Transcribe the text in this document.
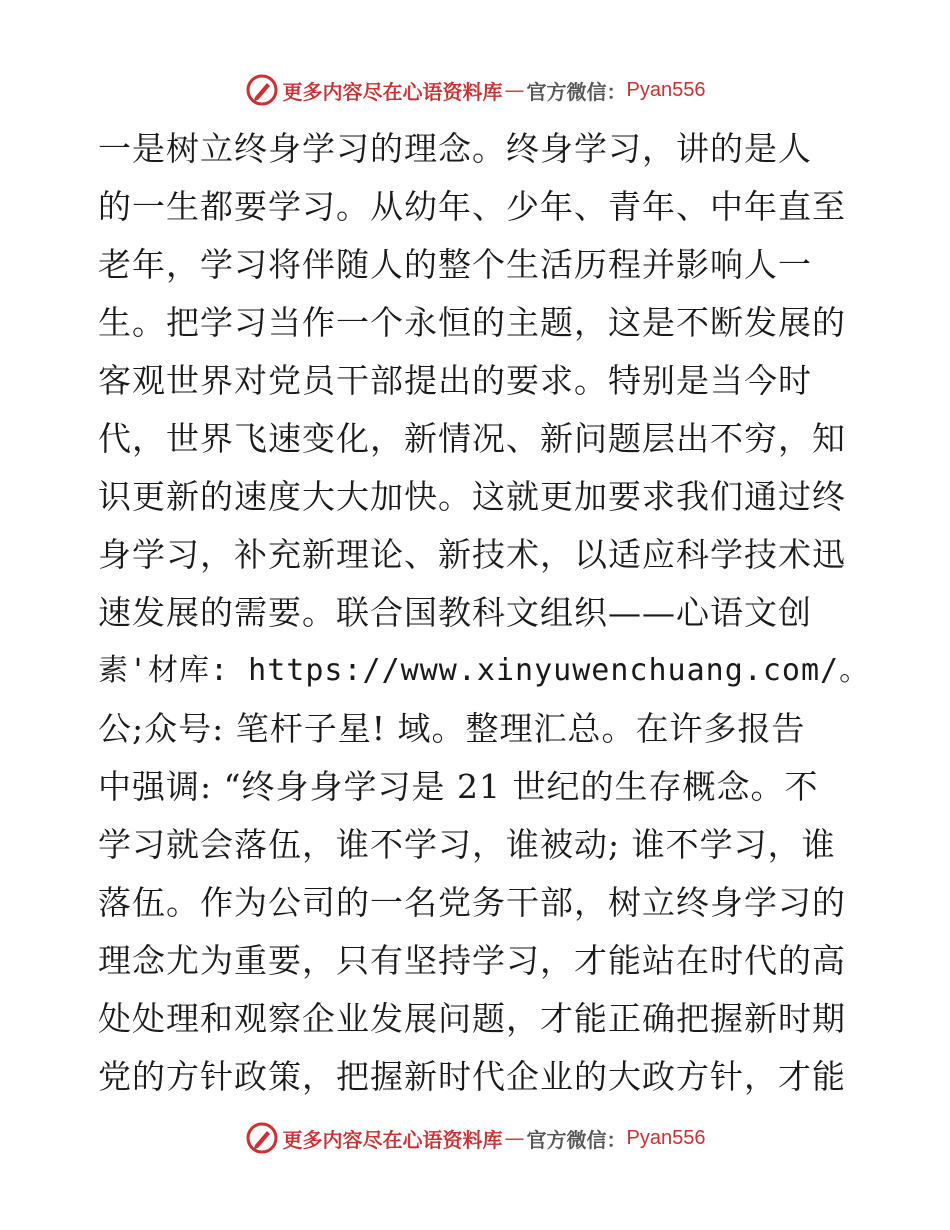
更多内容尽在心语资料库 — 官方微信： Pyan556
一是树立终身学习的理念。终身学习，讲的是人
的一生都要学习。从幼年、少年、青年、中年直至
老年，学习将伴随人的整个生活历程并影响人一
生。把学习当作一个永恒的主题，这是不断发展的
客观世界对党员干部提出的要求。特别是当今时
代，世界飞速变化，新情况、新问题层出不穷，知
识更新的速度大大加快。这就更加要求我们通过终
身学习，补充新理论、新技术，以适应科学技术迅
速发展的需要。联合国教科文组织——心语文创
素'材库: https://www.xinyuwenchuang.com/。
公;众号: 笔杆子星! 域。整理汇总。在许多报告
中强调: “终身身学习是 21 世纪的生存概念。不
学习就会落伍，谁不学习，谁被动; 谁不学习，谁
落伍。作为公司的一名党务干部，树立终身学习的
理念尤为重要，只有坚持学习，才能站在时代的高
处处理和观察企业发展问题，才能正确把握新时期
党的方针政策，把握新时代企业的大政方针，才能
更多内容尽在心语资料库 — 官方微信： Pyan556
